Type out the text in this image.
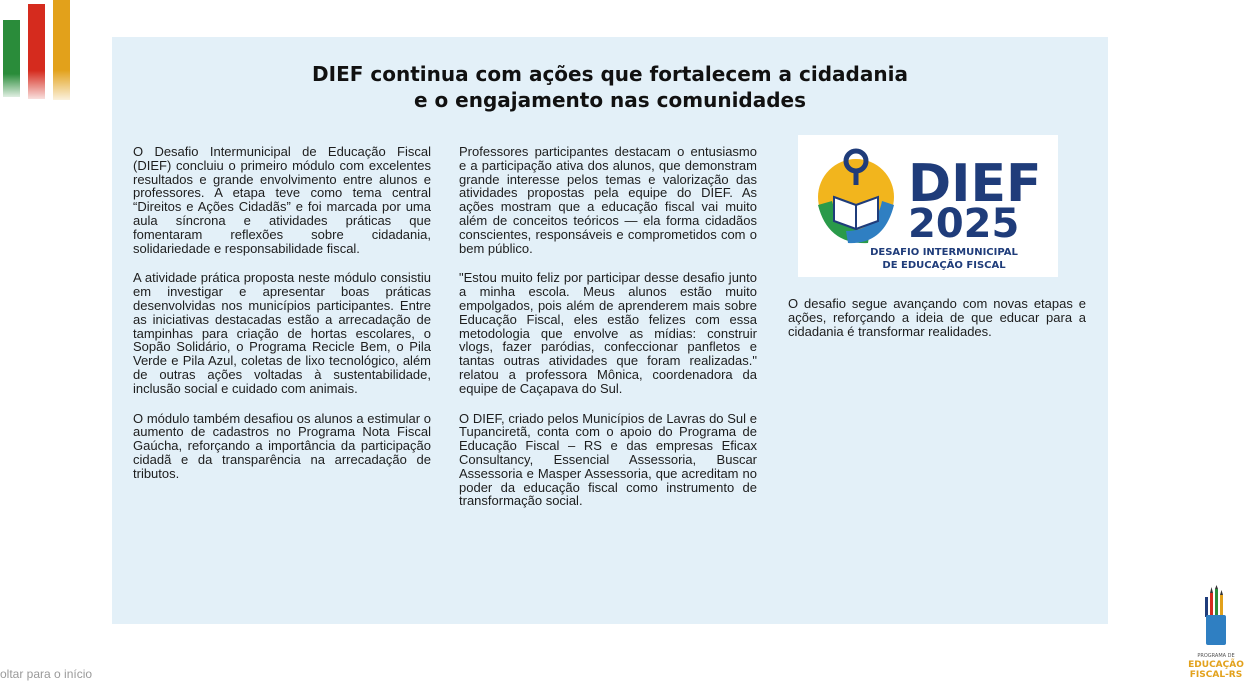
DIEF continua com ações que fortalecem a cidadania
e o engajamento nas comunidades

O Desafio Intermunicipal de Educação Fiscal (DIEF) concluiu o primeiro módulo com excelentes resultados e grande envolvimento entre alunos e professores. A etapa teve como tema central “Direitos e Ações Cidadãs” e foi marcada por uma aula síncrona e atividades práticas que fomentaram reflexões sobre cidadania, solidariedade e responsabilidade fiscal.

A atividade prática proposta neste módulo consistiu em investigar e apresentar boas práticas desenvolvidas nos municípios participantes. Entre as iniciativas destacadas estão a arrecadação de tampinhas para criação de hortas escolares, o Sopão Solidário, o Programa Recicle Bem, o Pila Verde e Pila Azul, coletas de lixo tecnológico, além de outras ações voltadas à sustentabilidade, inclusão social e cuidado com animais.

O módulo também desafiou os alunos a estimular o aumento de cadastros no Programa Nota Fiscal Gaúcha, reforçando a importância da participação cidadã e da transparência na arrecadação de tributos.

Professores participantes destacam o entusiasmo e a participação ativa dos alunos, que demonstram grande interesse pelos temas e valorização das atividades propostas pela equipe do DIEF. As ações mostram que a educação fiscal vai muito além de conceitos teóricos — ela forma cidadãos conscientes, responsáveis e comprometidos com o bem público.

"Estou muito feliz por participar desse desafio junto a minha escola. Meus alunos estão muito empolgados, pois além de aprenderem mais sobre Educação Fiscal, eles estão felizes com essa metodologia que envolve as mídias: construir vlogs, fazer paródias, confeccionar panfletos e tantas outras atividades que foram realizadas." relatou a professora Mônica, coordenadora da equipe de Caçapava do Sul.

O DIEF, criado pelos Municípios de Lavras do Sul e Tupanciretã, conta com o apoio do Programa de Educação Fiscal – RS e das empresas Eficax Consultancy, Essencial Assessoria, Buscar Assessoria e Masper Assessoria, que acreditam no poder da educação fiscal como instrumento de transformação social.

DIEF
2025
DESAFIO INTERMUNICIPAL
DE EDUCAÇÃO FISCAL

O desafio segue avançando com novas etapas e ações, reforçando a ideia de que educar para a cidadania é transformar realidades.

oltar para o início
PROGRAMA DE
EDUCAÇÃO
FISCAL-RS
